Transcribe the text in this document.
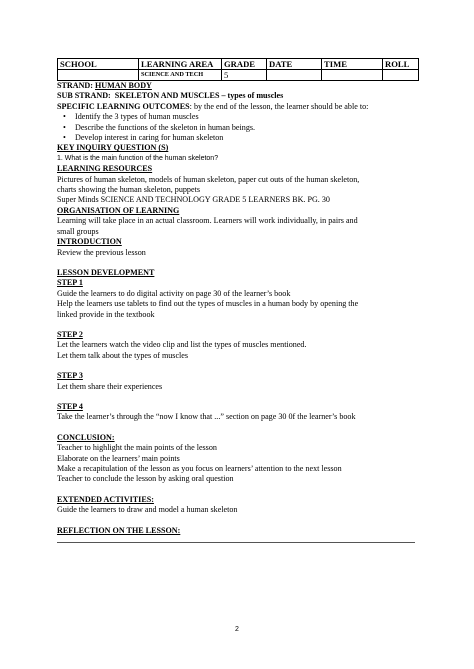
SCHOOL	LEARNING AREA	GRADE	DATE	TIME	ROLL
	SCIENCE AND TECH	5			
STRAND: HUMAN BODY
SUB STRAND: SKELETON AND MUSCLES – types of muscles
SPECIFIC LEARNING OUTCOMES: by the end of the lesson, the learner should be able to:
• Identify the 3 types of human muscles
• Describe the functions of the skeleton in human beings.
• Develop interest in caring for human skeleton
KEY INQUIRY QUESTION (S)
1. What is the main function of the human skeleton?
LEARNING RESOURCES
Pictures of human skeleton, models of human skeleton, paper cut outs of the human skeleton,
charts showing the human skeleton, puppets
Super Minds SCIENCE AND TECHNOLOGY GRADE 5 LEARNERS BK. PG. 30
ORGANISATION OF LEARNING
Learning will take place in an actual classroom. Learners will work individually, in pairs and
small groups
INTRODUCTION
Review the previous lesson
LESSON DEVELOPMENT
STEP 1
Guide the learners to do digital activity on page 30 of the learner’s book
Help the learners use tablets to find out the types of muscles in a human body by opening the
linked provide in the textbook
STEP 2
Let the learners watch the video clip and list the types of muscles mentioned.
Let them talk about the types of muscles
STEP 3
Let them share their experiences
STEP 4
Take the learner’s through the “now I know that ...” section on page 30 0f the learner’s book
CONCLUSION:
Teacher to highlight the main points of the lesson
Elaborate on the learners’ main points
Make a recapitulation of the lesson as you focus on learners’ attention to the next lesson
Teacher to conclude the lesson by asking oral question
EXTENDED ACTIVITIES:
Guide the learners to draw and model a human skeleton
REFLECTION ON THE LESSON:
2
